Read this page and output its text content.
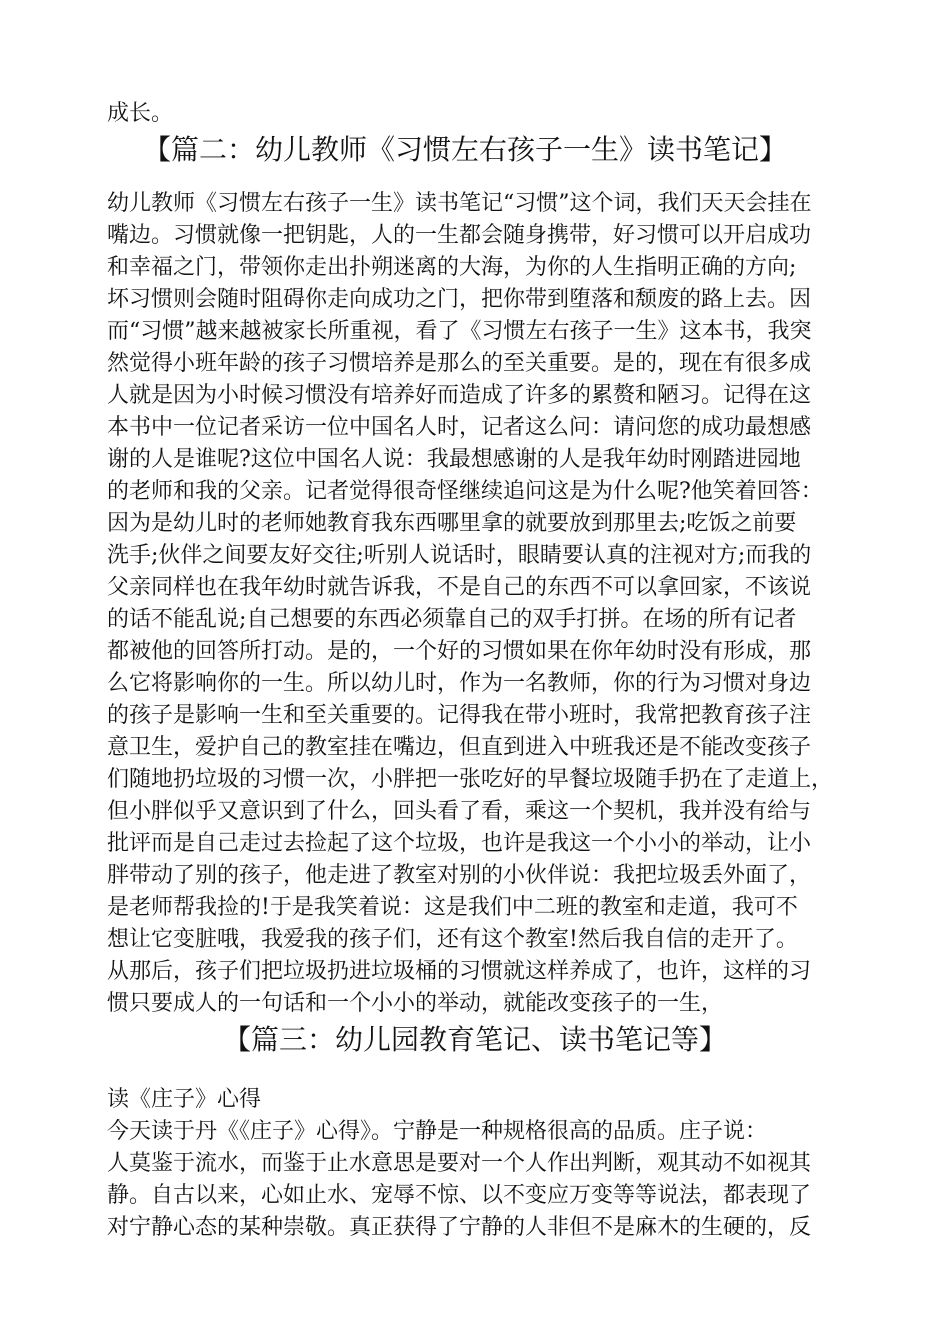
成长。
【篇二：幼儿教师《习惯左右孩子一生》读书笔记】
幼儿教师《习惯左右孩子一生》读书笔记“习惯”这个词，我们天天会挂在
嘴边。习惯就像一把钥匙，人的一生都会随身携带，好习惯可以开启成功
和幸福之门，带领你走出扑朔迷离的大海，为你的人生指明正确的方向;
坏习惯则会随时阻碍你走向成功之门，把你带到堕落和颓废的路上去。因
而“习惯”越来越被家长所重视，看了《习惯左右孩子一生》这本书，我突
然觉得小班年龄的孩子习惯培养是那么的至关重要。是的，现在有很多成
人就是因为小时候习惯没有培养好而造成了许多的累赘和陋习。记得在这
本书中一位记者采访一位中国名人时，记者这么问：请问您的成功最想感
谢的人是谁呢?这位中国名人说：我最想感谢的人是我年幼时刚踏进园地
的老师和我的父亲。记者觉得很奇怪继续追问这是为什么呢?他笑着回答：
因为是幼儿时的老师她教育我东西哪里拿的就要放到那里去;吃饭之前要
洗手;伙伴之间要友好交往;听别人说话时，眼睛要认真的注视对方;而我的
父亲同样也在我年幼时就告诉我，不是自己的东西不可以拿回家，不该说
的话不能乱说;自己想要的东西必须靠自己的双手打拼。在场的所有记者
都被他的回答所打动。是的，一个好的习惯如果在你年幼时没有形成，那
么它将影响你的一生。所以幼儿时，作为一名教师，你的行为习惯对身边
的孩子是影响一生和至关重要的。记得我在带小班时，我常把教育孩子注
意卫生，爱护自己的教室挂在嘴边，但直到进入中班我还是不能改变孩子
们随地扔垃圾的习惯一次，小胖把一张吃好的早餐垃圾随手扔在了走道上，
但小胖似乎又意识到了什么，回头看了看，乘这一个契机，我并没有给与
批评而是自己走过去捡起了这个垃圾，也许是我这一个小小的举动，让小
胖带动了别的孩子，他走进了教室对别的小伙伴说：我把垃圾丢外面了，
是老师帮我捡的!于是我笑着说：这是我们中二班的教室和走道，我可不
想让它变脏哦，我爱我的孩子们，还有这个教室!然后我自信的走开了。
从那后，孩子们把垃圾扔进垃圾桶的习惯就这样养成了，也许，这样的习
惯只要成人的一句话和一个小小的举动，就能改变孩子的一生，
【篇三：幼儿园教育笔记、读书笔记等】
读《庄子》心得
今天读于丹《《庄子》心得》。宁静是一种规格很高的品质。庄子说：
人莫鉴于流水，而鉴于止水意思是要对一个人作出判断，观其动不如视其
静。自古以来，心如止水、宠辱不惊、以不变应万变等等说法，都表现了
对宁静心态的某种崇敬。真正获得了宁静的人非但不是麻木的生硬的，反
